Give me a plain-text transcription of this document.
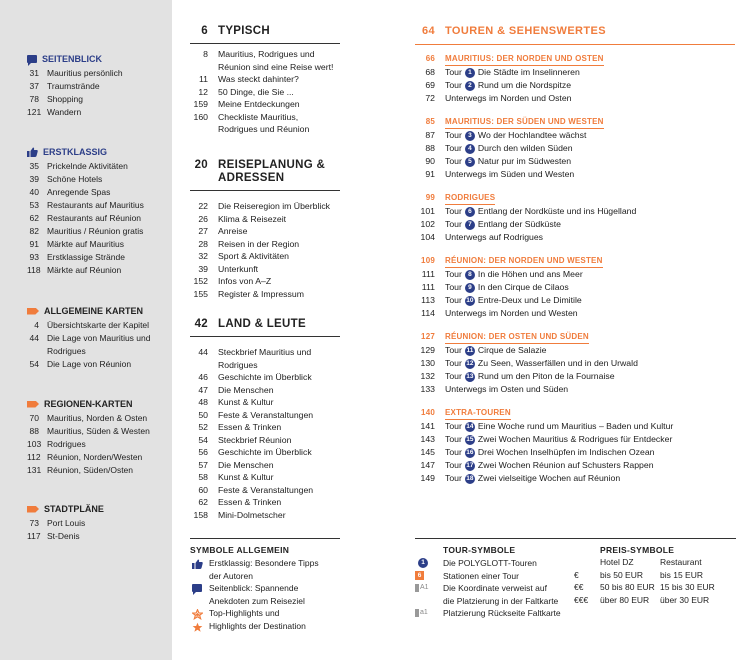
SEITENBLICK
31 Mauritius persönlich
37 Traumstrände
78 Shopping
121 Wandern
ERSTKLASSIG
35 Prickelnde Aktivitäten
39 Schöne Hotels
40 Anregende Spas
53 Restaurants auf Mauritius
62 Restaurants auf Réunion
82 Mauritius / Réunion gratis
91 Märkte auf Mauritius
93 Erstklassige Strände
118 Märkte auf Réunion
ALLGEMEINE KARTEN
4 Übersichtskarte der Kapitel
44 Die Lage von Mauritius und
Rodrigues
54 Die Lage von Réunion
REGIONEN-KARTEN
70 Mauritius, Norden & Osten
88 Mauritius, Süden & Westen
103 Rodrigues
112 Réunion, Norden/Westen
131 Réunion, Süden/Osten
STADTPLÄNE
73 Port Louis
117 St-Denis
6 TYPISCH
8 Mauritius, Rodrigues und
Réunion sind eine Reise wert!
11 Was steckt dahinter?
12 50 Dinge, die Sie ...
159 Meine Entdeckungen
160 Checkliste Mauritius,
Rodrigues und Réunion
20 REISEPLANUNG &
ADRESSEN
22 Die Reiseregion im Überblick
26 Klima & Reisezeit
27 Anreise
28 Reisen in der Region
32 Sport & Aktivitäten
39 Unterkunft
152 Infos von A–Z
155 Register & Impressum
42 LAND & LEUTE
44 Steckbrief Mauritius und
Rodrigues
46 Geschichte im Überblick
47 Die Menschen
48 Kunst & Kultur
50 Feste & Veranstaltungen
52 Essen & Trinken
54 Steckbrief Réunion
56 Geschichte im Überblick
57 Die Menschen
58 Kunst & Kultur
60 Feste & Veranstaltungen
62 Essen & Trinken
158 Mini-Dolmetscher
64 TOUREN & SEHENSWERTES
66 MAURITIUS: DER NORDEN UND OSTEN
68 Tour 1 Die Städte im Inselinneren
69 Tour 2 Rund um die Nordspitze
72 Unterwegs im Norden und Osten
85 MAURITIUS: DER SÜDEN UND WESTEN
87 Tour 3 Wo der Hochlandtee wächst
88 Tour 4 Durch den wilden Süden
90 Tour 5 Natur pur im Südwesten
91 Unterwegs im Süden und Westen
99 RODRIGUES
101 Tour 6 Entlang der Nordküste und ins Hügelland
102 Tour 7 Entlang der Südküste
104 Unterwegs auf Rodrigues
109 RÉUNION: DER NORDEN UND WESTEN
111 Tour 8 In die Höhen und ans Meer
111 Tour 9 In den Cirque de Cilaos
113 Tour 10 Entre-Deux und Le Dimitile
114 Unterwegs im Norden und Westen
127 RÉUNION: DER OSTEN UND SÜDEN
129 Tour 11 Cirque de Salazie
130 Tour 12 Zu Seen, Wasserfällen und in den Urwald
132 Tour 13 Rund um den Piton de la Fournaise
133 Unterwegs im Osten und Süden
140 EXTRA-TOUREN
141 Tour 14 Eine Woche rund um Mauritius – Baden und Kultur
143 Tour 15 Zwei Wochen Mauritius & Rodrigues für Entdecker
145 Tour 16 Drei Wochen Inselhüpfen im Indischen Ozean
147 Tour 17 Zwei Wochen Réunion auf Schusters Rappen
149 Tour 18 Zwei vielseitige Wochen auf Réunion
SYMBOLE ALLGEMEIN
Erstklassig: Besondere Tipps
der Autoren
Seitenblick: Spannende
Anekdoten zum Reiseziel
Top-Highlights und
Highlights der Destination
TOUR-SYMBOLE
1	Die POLYGLOTT-Touren
6	Stationen einer Tour
A1 Die Koordinate verweist auf
die Platzierung in der Faltkarte
a1 Platzierung Rückseite Faltkarte
PREIS-SYMBOLE
Hotel DZ	Restaurant
€	bis 50 EUR	bis 15 EUR
€€	50 bis 80 EUR 15 bis 30 EUR
€€€	über 80 EUR	über 30 EUR
